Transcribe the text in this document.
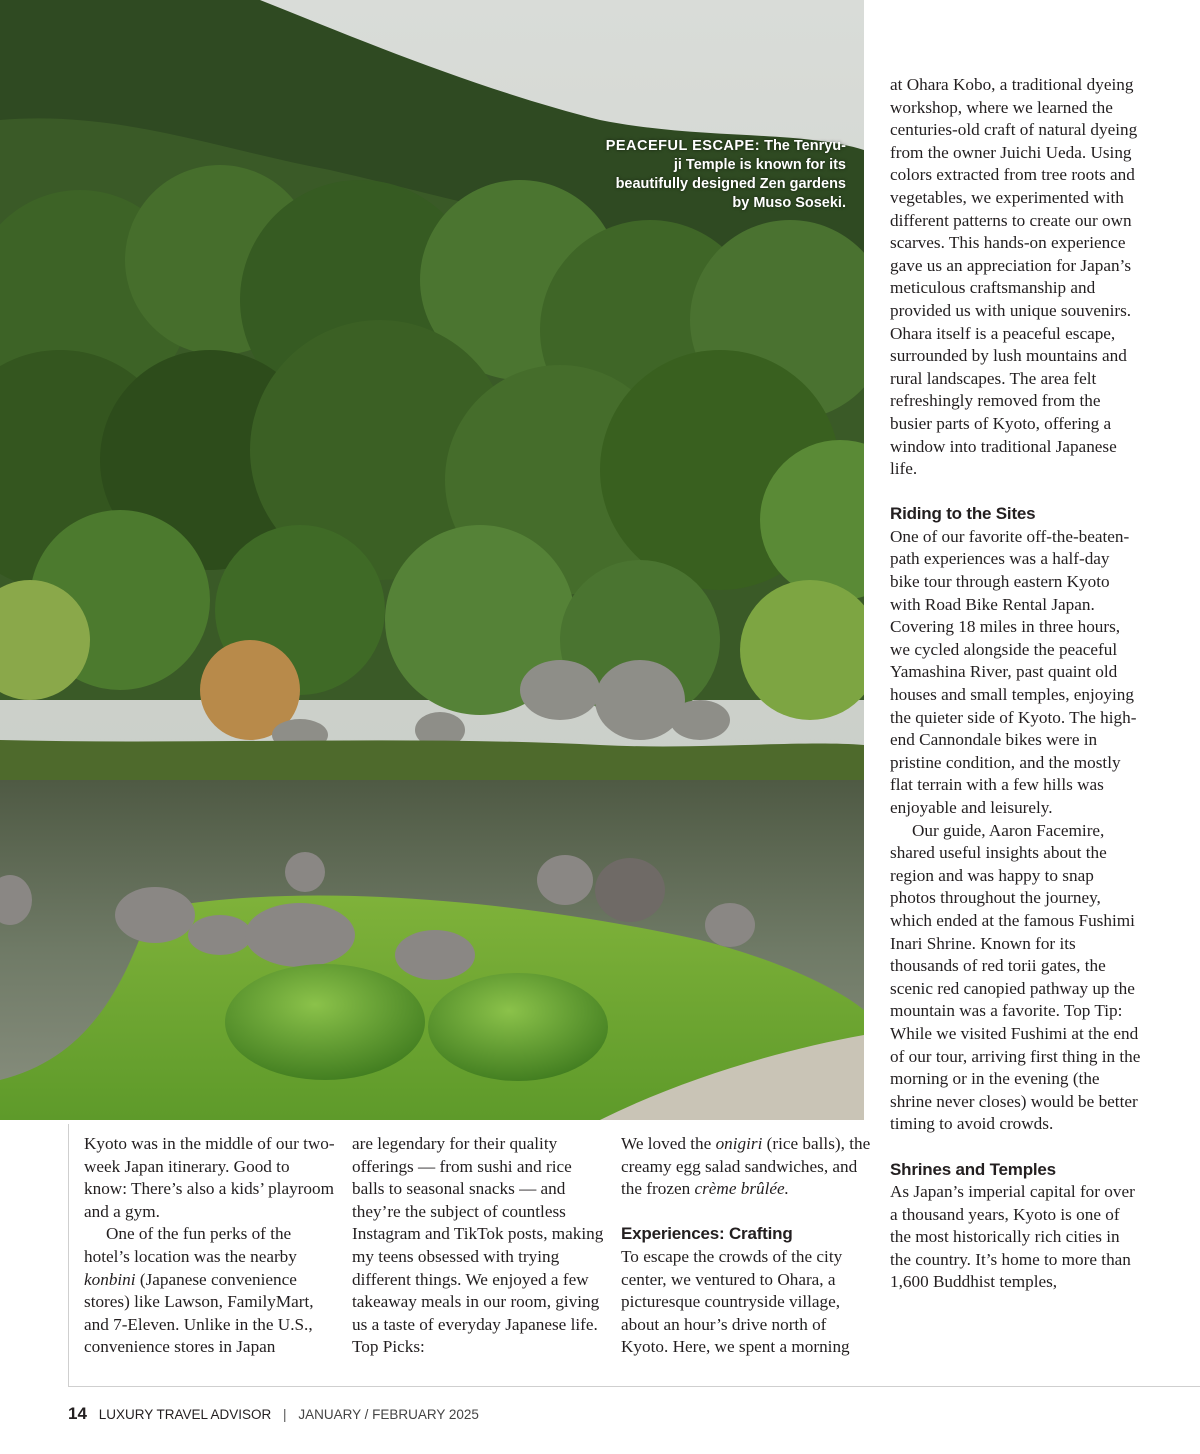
PEACEFUL ESCAPE: The Tenryu-ji Temple is known for its beautifully designed Zen gardens by Muso Soseki.

Kyoto was in the middle of our two-week Japan itinerary. Good to know: There’s also a kids’ playroom and a gym.

One of the fun perks of the hotel’s location was the nearby konbini (Japanese convenience stores) like Lawson, FamilyMart, and 7-Eleven. Unlike in the U.S., convenience stores in Japan

are legendary for their quality offerings — from sushi and rice balls to seasonal snacks — and they’re the subject of countless Instagram and TikTok posts, making my teens obsessed with trying different things. We enjoyed a few takeaway meals in our room, giving us a taste of everyday Japanese life. Top Picks:

We loved the onigiri (rice balls), the creamy egg salad sandwiches, and the frozen crème brûlée.

Experiences: Crafting

To escape the crowds of the city center, we ventured to Ohara, a picturesque countryside village, about an hour’s drive north of Kyoto. Here, we spent a morning

at Ohara Kobo, a traditional dyeing workshop, where we learned the centuries-old craft of natural dyeing from the owner Juichi Ueda. Using colors extracted from tree roots and vegetables, we experimented with different patterns to create our own scarves. This hands-on experience gave us an appreciation for Japan’s meticulous craftsmanship and provided us with unique souvenirs. Ohara itself is a peaceful escape, surrounded by lush mountains and rural landscapes. The area felt refreshingly removed from the busier parts of Kyoto, offering a window into traditional Japanese life.

Riding to the Sites

One of our favorite off-the-beaten-path experiences was a half-day bike tour through eastern Kyoto with Road Bike Rental Japan. Covering 18 miles in three hours, we cycled alongside the peaceful Yamashina River, past quaint old houses and small temples, enjoying the quieter side of Kyoto. The high-end Cannondale bikes were in pristine condition, and the mostly flat terrain with a few hills was enjoyable and leisurely.

Our guide, Aaron Facemire, shared useful insights about the region and was happy to snap photos throughout the journey, which ended at the famous Fushimi Inari Shrine. Known for its thousands of red torii gates, the scenic red canopied pathway up the mountain was a favorite. Top Tip: While we visited Fushimi at the end of our tour, arriving first thing in the morning or in the evening (the shrine never closes) would be better timing to avoid crowds.

Shrines and Temples

As Japan’s imperial capital for over a thousand years, Kyoto is one of the most historically rich cities in the country. It’s home to more than 1,600 Buddhist temples,

14 LUXURY TRAVEL ADVISOR | JANUARY / FEBRUARY 2025
